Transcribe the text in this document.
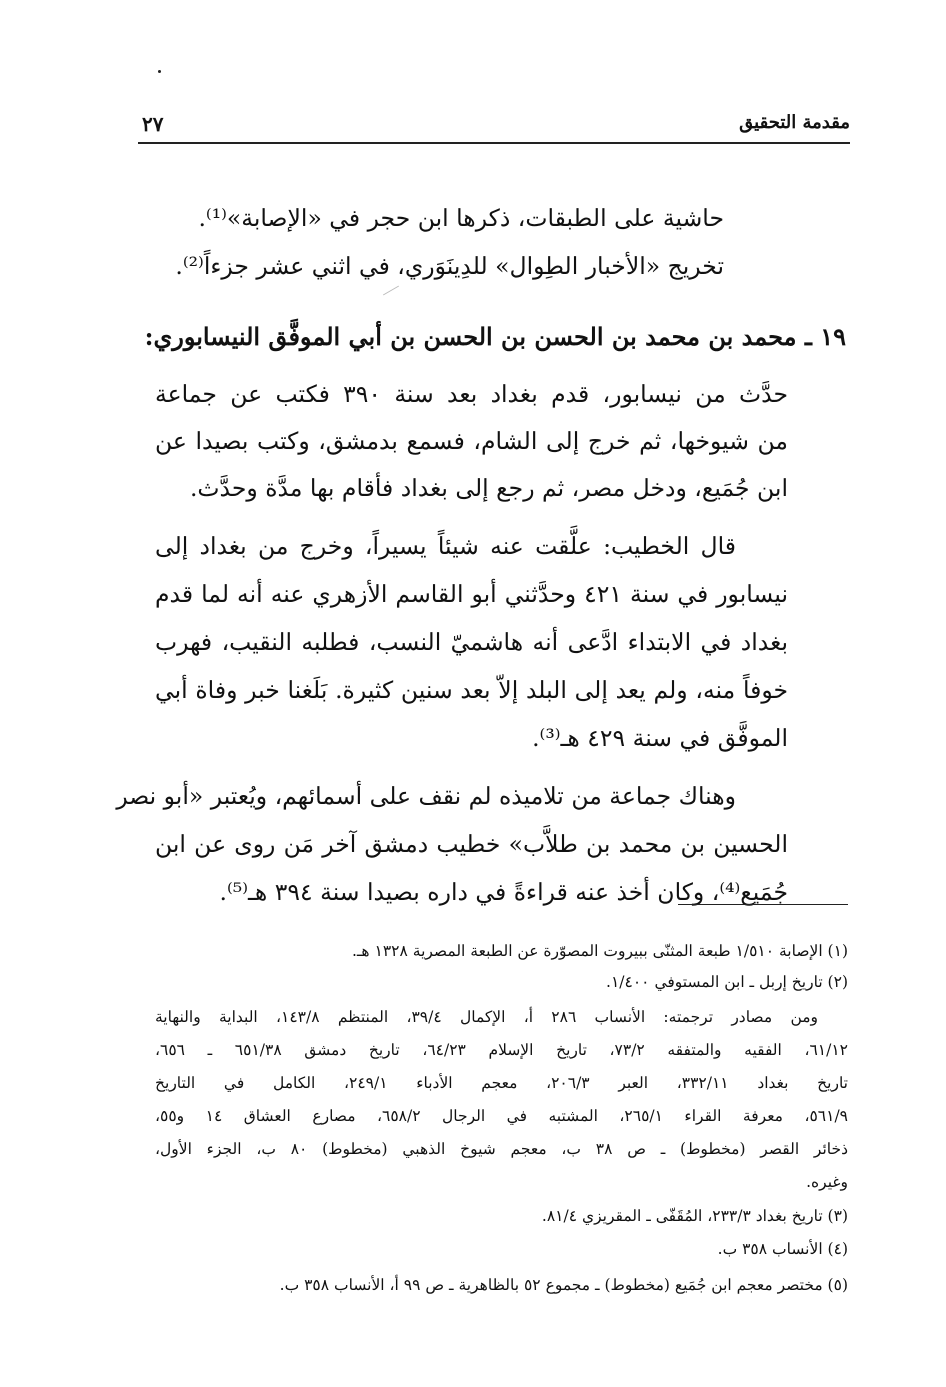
مقدمة التحقيق
٢٧
حاشية على الطبقات، ذكرها ابن حجر في «الإصابة»⁽¹⁾.
تخريج «الأخبار الطِوال» للدِينَوَري، في اثني عشر جزءاً⁽²⁾.
١٩ ـ محمد بن محمد بن الحسن بن الحسن بن أبي الموفَّق النيسابوري:
حدَّث من نيسابور، قدم بغداد بعد سنة ٣٩٠ فكتب عن جماعة
من شيوخها، ثم خرج إلى الشام، فسمع بدمشق، وكتب بصيدا عن
ابن جُمَيع، ودخل مصر، ثم رجع إلى بغداد فأقام بها مدَّة وحدَّث.
قال الخطيب: علَّقت عنه شيئاً يسيراً، وخرج من بغداد إلى
نيسابور في سنة ٤٢١ وحدَّثني أبو القاسم الأزهري عنه أنه لما قدم
بغداد في الابتداء ادَّعى أنه هاشميّ النسب، فطلبه النقيب، فهرب
خوفاً منه، ولم يعد إلى البلد إلاّ بعد سنين كثيرة. بَلَغنا خبر وفاة أبي
الموفَّق في سنة ٤٢٩ هـ⁽³⁾.
وهناك جماعة من تلاميذه لم نقف على أسمائهم، ويُعتبر «أبو نصر
الحسين بن محمد بن طلاَّب» خطيب دمشق آخر مَن روى عن ابن
جُمَيع⁽⁴⁾، وكان أخذ عنه قراءةً في داره بصيدا سنة ٣٩٤ هـ⁽⁵⁾.
(١) الإصابة ١/٥١٠ طبعة المثنّى ببيروت المصوّرة عن الطبعة المصرية ١٣٢٨ هـ.
(٢) تاريخ إربل ـ ابن المستوفي ١/٤٠٠.
ومن مصادر ترجمته: الأنساب ٢٨٦ أ، الإكمال ٣٩/٤، المنتظم ١٤٣/٨، البداية والنهاية
٦١/١٢، الفقيه والمتفقه ٧٣/٢، تاريخ الإسلام ٦٤/٢٣، تاريخ دمشق ٦٥١/٣٨ ـ ٦٥٦،
تاريخ بغداد ٣٣٢/١١، العبر ٢٠٦/٣، معجم الأدباء ٢٤٩/١، الكامل في التاريخ
٥٦١/٩، معرفة القراء ٢٦٥/١، المشتبه في الرجال ٦٥٨/٢، مصارع العشاق ١٤ و٥٥،
ذخائر القصر (مخطوط) ـ ص ٣٨ ب، معجم شيوخ الذهبي (مخطوط) ٨٠ ب، الجزء الأول،
وغيره.
(٣) تاريخ بغداد ٢٣٣/٣، المُقَفّى ـ المقريزي ٨١/٤.
(٤) الأنساب ٣٥٨ ب.
(٥) مختصر معجم ابن جُمَيع (مخطوط) ـ مجموع ٥٢ بالظاهرية ـ ص ٩٩ أ، الأنساب ٣٥٨ ب.
